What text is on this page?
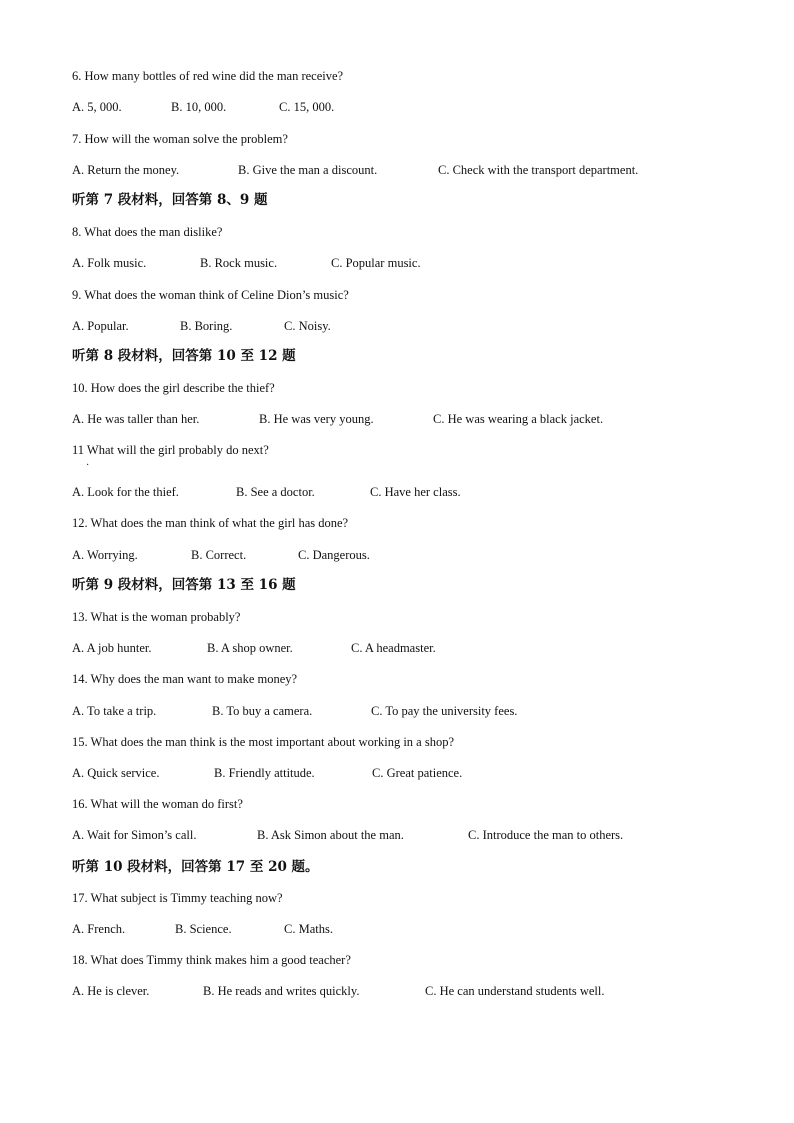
6. How many bottles of red wine did the man receive?
A. 5, 000.	B. 10, 000.	C. 15, 000.
7. How will the woman solve the problem?
A. Return the money.	B. Give the man a discount.	C. Check with the transport department.
听第 7 段材料，回答第 8、9 题
8. What does the man dislike?
A. Folk music.	B. Rock music.	C. Popular music.
9. What does the woman think of Celine Dion’s music?
A. Popular.	B. Boring.	C. Noisy.
听第 8 段材料，回答第 10 至 12 题
10. How does the girl describe the thief?
A. He was taller than her.	B. He was very young.	C. He was wearing a black jacket.
11 What will the girl probably do next?
·
A. Look for the thief.	B. See a doctor.	C. Have her class.
12. What does the man think of what the girl has done?
A. Worrying.	B. Correct.	C. Dangerous.
听第 9 段材料，回答第 13 至 16 题
13. What is the woman probably?
A. A job hunter.	B. A shop owner.	C. A headmaster.
14. Why does the man want to make money?
A. To take a trip.	B. To buy a camera.	C. To pay the university fees.
15. What does the man think is the most important about working in a shop?
A. Quick service.	B. Friendly attitude.	C. Great patience.
16. What will the woman do first?
A. Wait for Simon’s call.	B. Ask Simon about the man.	C. Introduce the man to others.
听第 10 段材料，回答第 17 至 20 题。
17. What subject is Timmy teaching now?
A. French.	B. Science.	C. Maths.
18. What does Timmy think makes him a good teacher?
A. He is clever.	B. He reads and writes quickly.	C. He can understand students well.
